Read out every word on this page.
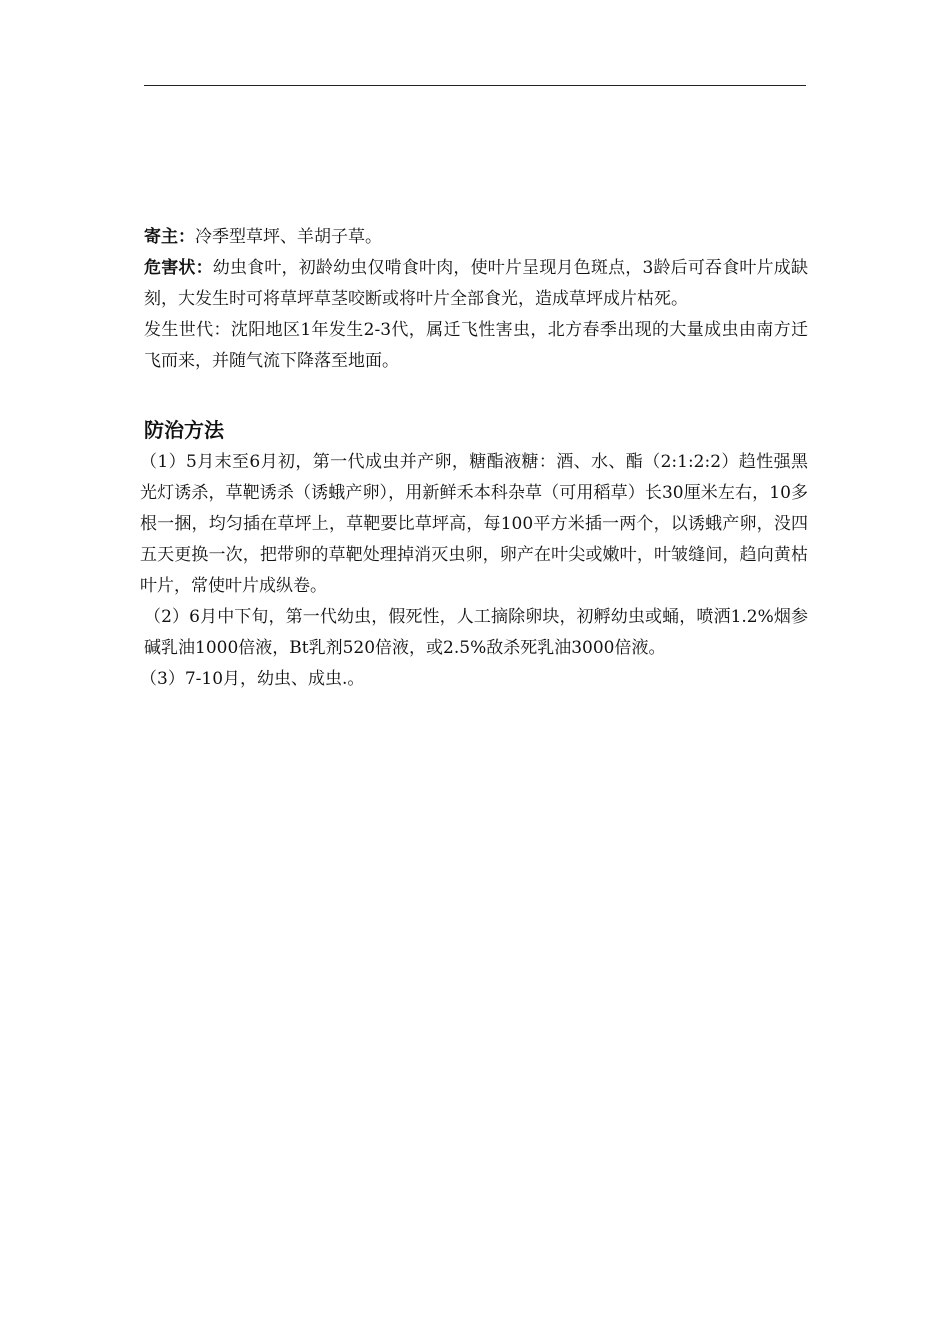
寄主：冷季型草坪、羊胡子草。

危害状：幼虫食叶，初龄幼虫仅啃食叶肉，使叶片呈现月色斑点，3龄后可吞食叶片成缺刻，大发生时可将草坪草茎咬断或将叶片全部食光，造成草坪成片枯死。

发生世代：沈阳地区1年发生2-3代，属迁飞性害虫，北方春季出现的大量成虫由南方迁飞而来，并随气流下降落至地面。

防治方法

（1）5月末至6月初，第一代成虫并产卵，糖酯液糖：酒、水、酯（2:1:2:2）趋性强黑光灯诱杀，草靶诱杀（诱蛾产卵），用新鲜禾本科杂草（可用稻草）长30厘米左右，10多根一捆，均匀插在草坪上，草靶要比草坪高，每100平方米插一两个，以诱蛾产卵，没四五天更换一次，把带卵的草靶处理掉消灭虫卵，卵产在叶尖或嫩叶，叶皱缝间，趋向黄枯叶片，常使叶片成纵卷。

（2）6月中下旬，第一代幼虫，假死性，人工摘除卵块，初孵幼虫或蛹，喷洒1.2%烟参碱乳油1000倍液，Bt乳剂520倍液，或2.5%敌杀死乳油3000倍液。

（3）7-10月，幼虫、成虫.。
